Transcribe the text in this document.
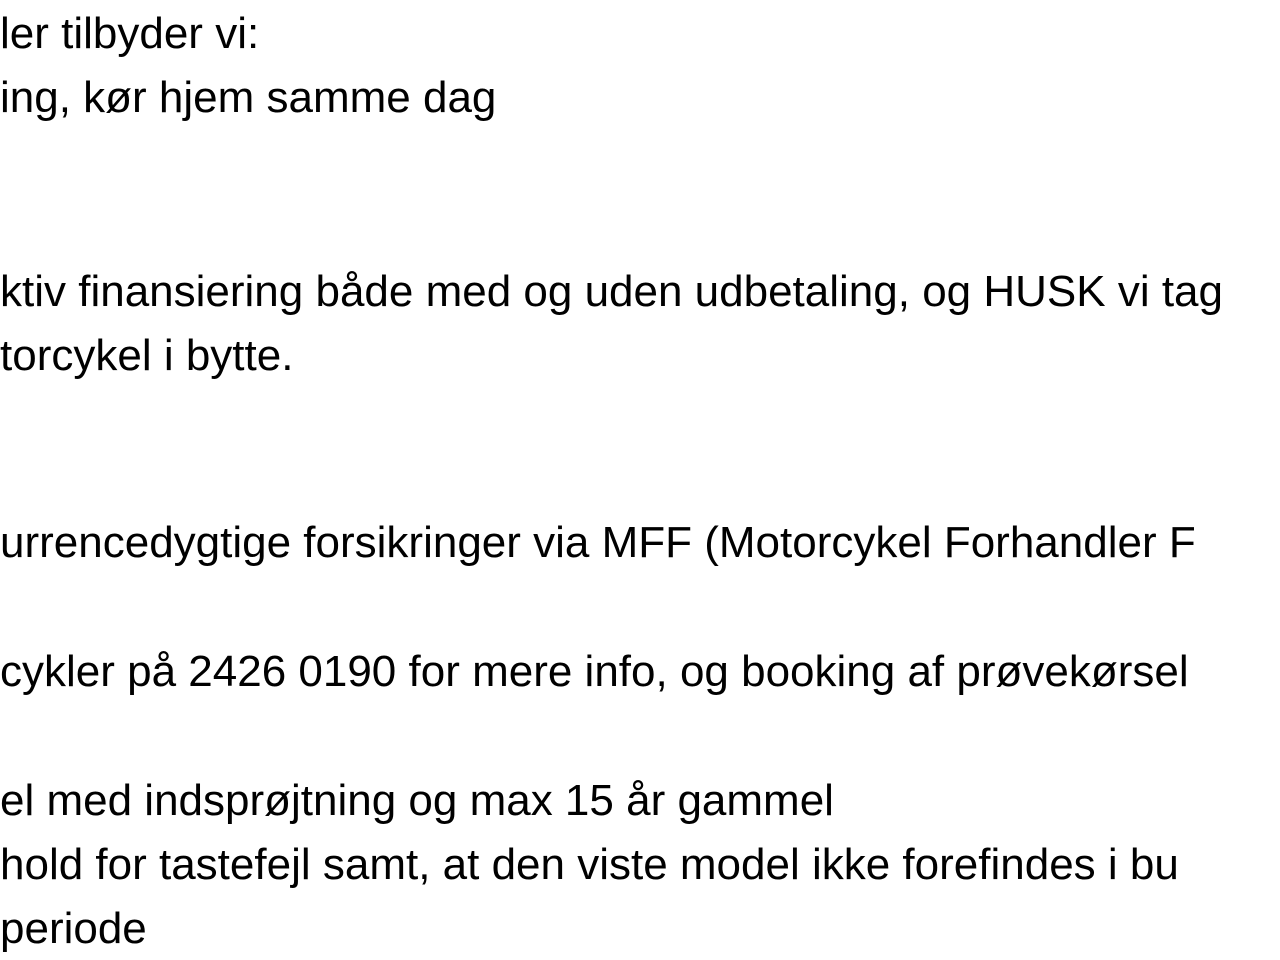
ler tilbyder vi:
ing, kør hjem samme dag
ktiv finansiering både med og uden udbetaling, og HUSK vi tag
torcykel i bytte.
urrencedygtige forsikringer via MFF (Motorcykel Forhandler F
cykler på 2426 0190 for mere info, og booking af prøvekørsel
el med indsprøjtning og max 15 år gammel
hold for tastefejl samt, at den viste model ikke forefindes i bu
periode
